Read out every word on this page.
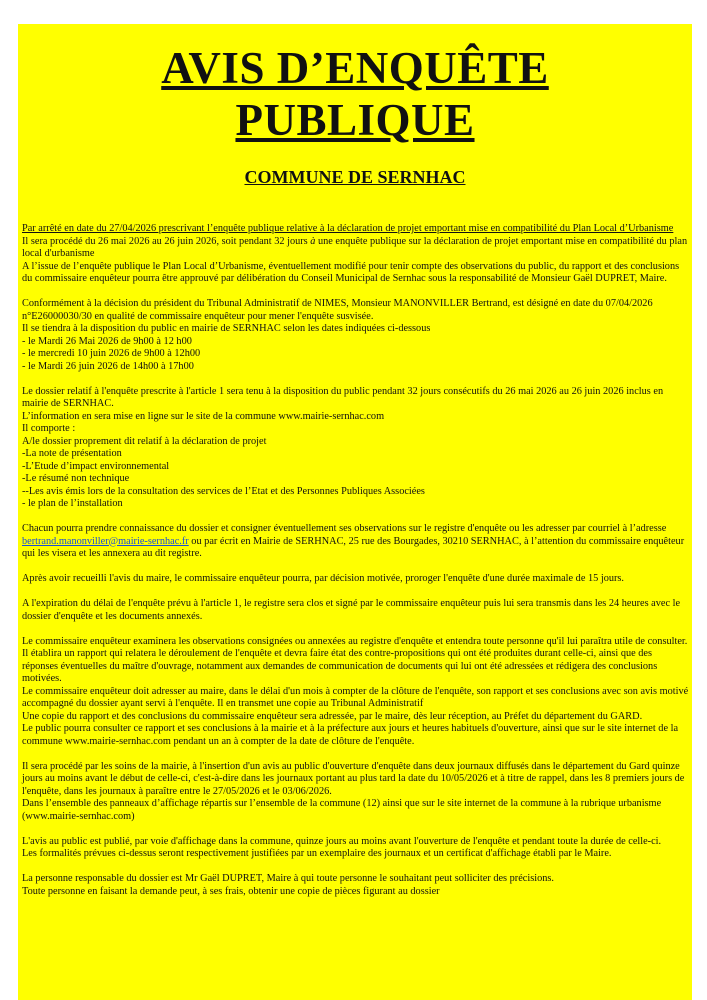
AVIS D’ENQUÊTE
PUBLIQUE
COMMUNE DE SERNHAC

Par arrêté en date du 27/04/2026 prescrivant l’enquête publique relative à la déclaration de projet emportant mise en compatibilité du Plan Local d’Urbanisme

Il sera procédé du 26 mai 2026 au 26 juin 2026, soit pendant 32 jours à une enquête publique sur la déclaration de projet emportant mise en compatibilité du plan local d'urbanisme

A l’issue de l’enquête publique le Plan Local d’Urbanisme, éventuellement modifié pour tenir compte des observations du public, du rapport et des conclusions du commissaire enquêteur pourra être approuvé par délibération du Conseil Municipal de Sernhac sous la responsabilité de Monsieur Gaël DUPRET, Maire.

Conformément à la décision du président du Tribunal Administratif de NIMES, Monsieur MANONVILLER Bertrand, est désigné en date du 07/04/2026 n°E26000030/30 en qualité de commissaire enquêteur pour mener l'enquête susvisée.

Il se tiendra à la disposition du public en mairie de SERNHAC selon les dates indiquées ci-dessous

- le Mardi 26 Mai 2026 de 9h00 à 12 h00

- le mercredi 10 juin 2026 de 9h00 à 12h00

- le Mardi 26 juin 2026 de 14h00 à 17h00

Le dossier relatif à l'enquête prescrite à l'article 1 sera tenu à la disposition du public pendant 32 jours consécutifs du 26 mai 2026 au 26 juin 2026 inclus en mairie de SERNHAC.

L’information en sera mise en ligne sur le site de la commune www.mairie-sernhac.com

Il comporte :

A/le dossier proprement dit relatif à la déclaration de projet

-La note de présentation

-L’Etude d’impact environnemental

-Le résumé non technique

--Les avis émis lors de la consultation des services de l’Etat et des Personnes Publiques Associées

- le plan de l’installation

Chacun pourra prendre connaissance du dossier et consigner éventuellement ses observations sur le registre d'enquête ou les adresser par courriel à l’adresse bertrand.manonviller@mairie-sernhac.fr ou par écrit en Mairie de SERHNAC, 25 rue des Bourgades, 30210 SERNHAC, à l’attention du commissaire enquêteur qui les visera et les annexera au dit registre.

Après avoir recueilli l'avis du maire, le commissaire enquêteur pourra, par décision motivée, proroger l'enquête d'une durée maximale de 15 jours.

A l'expiration du délai de l'enquête prévu à l'article 1, le registre sera clos et signé par le commissaire enquêteur puis lui sera transmis dans les 24 heures avec le dossier d'enquête et les documents annexés.

Le commissaire enquêteur examinera les observations consignées ou annexées au registre d'enquête et entendra toute personne qu'il lui paraîtra utile de consulter.

Il établira un rapport qui relatera le déroulement de l'enquête et devra faire état des contre-propositions qui ont été produites durant celle-ci, ainsi que des réponses éventuelles du maître d'ouvrage, notamment aux demandes de communication de documents qui lui ont été adressées et rédigera des conclusions motivées.

Le commissaire enquêteur doit adresser au maire, dans le délai d'un mois à compter de la clôture de l'enquête, son rapport et ses conclusions avec son avis motivé accompagné du dossier ayant servi à l'enquête. Il en transmet une copie au Tribunal Administratif

Une copie du rapport et des conclusions du commissaire enquêteur sera adressée, par le maire, dès leur réception, au Préfet du département du GARD.

Le public pourra consulter ce rapport et ses conclusions à la mairie et à la préfecture aux jours et heures habituels d'ouverture, ainsi que sur le site internet de la commune www.mairie-sernhac.com pendant un an à compter de la date de clôture de l'enquête.

Il sera procédé par les soins de la mairie, à l'insertion d'un avis au public d'ouverture d'enquête dans deux journaux diffusés dans le département du Gard quinze jours au moins avant le début de celle-ci, c'est-à-dire dans les journaux portant au plus tard la date du 10/05/2026 et à titre de rappel, dans les 8 premiers jours de l'enquête, dans les journaux à paraître entre le 27/05/2026 et le 03/06/2026.

Dans l’ensemble des panneaux d’affichage répartis sur l’ensemble de la commune (12) ainsi que sur le site internet de la commune à la rubrique urbanisme (www.mairie-sernhac.com)

L'avis au public est publié, par voie d'affichage dans la commune, quinze jours au moins avant l'ouverture de l'enquête et pendant toute la durée de celle-ci.

Les formalités prévues ci-dessus seront respectivement justifiées par un exemplaire des journaux et un certificat d'affichage établi par le Maire.

La personne responsable du dossier est Mr Gaël DUPRET, Maire à qui toute personne le souhaitant peut solliciter des précisions.

Toute personne en faisant la demande peut, à ses frais, obtenir une copie de pièces figurant au dossier
